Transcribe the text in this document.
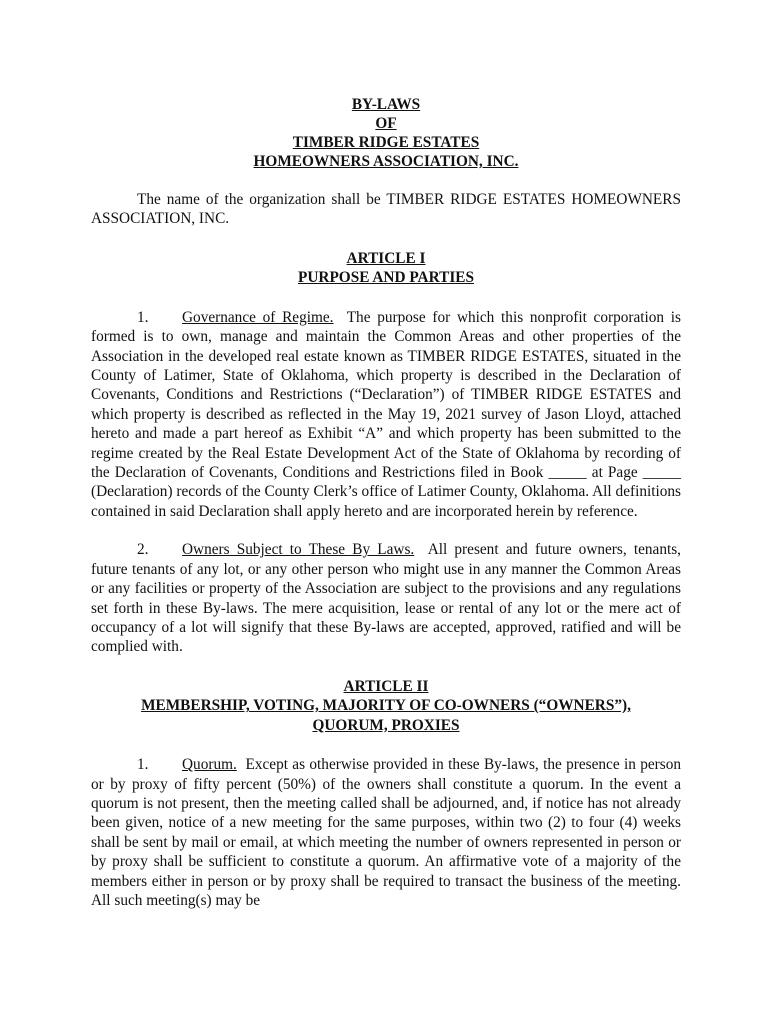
BY-LAWS

OF

TIMBER RIDGE ESTATES

HOMEOWNERS ASSOCIATION, INC.

The name of the organization shall be TIMBER RIDGE ESTATES HOMEOWNERS ASSOCIATION, INC.

ARTICLE I

PURPOSE AND PARTIES

1. Governance of Regime. The purpose for which this nonprofit corporation is formed is to own, manage and maintain the Common Areas and other properties of the Association in the developed real estate known as TIMBER RIDGE ESTATES, situated in the County of Latimer, State of Oklahoma, which property is described in the Declaration of Covenants, Conditions and Restrictions (“Declaration”) of TIMBER RIDGE ESTATES and which property is described as reflected in the May 19, 2021 survey of Jason Lloyd, attached hereto and made a part hereof as Exhibit “A” and which property has been submitted to the regime created by the Real Estate Development Act of the State of Oklahoma by recording of the Declaration of Covenants, Conditions and Restrictions filed in Book _____ at Page _____ (Declaration) records of the County Clerk’s office of Latimer County, Oklahoma. All definitions contained in said Declaration shall apply hereto and are incorporated herein by reference.

2. Owners Subject to These By Laws. All present and future owners, tenants, future tenants of any lot, or any other person who might use in any manner the Common Areas or any facilities or property of the Association are subject to the provisions and any regulations set forth in these By-laws. The mere acquisition, lease or rental of any lot or the mere act of occupancy of a lot will signify that these By-laws are accepted, approved, ratified and will be complied with.

ARTICLE II

MEMBERSHIP, VOTING, MAJORITY OF CO-OWNERS (“OWNERS”),

QUORUM, PROXIES

1. Quorum. Except as otherwise provided in these By-laws, the presence in person or by proxy of fifty percent (50%) of the owners shall constitute a quorum. In the event a quorum is not present, then the meeting called shall be adjourned, and, if notice has not already been given, notice of a new meeting for the same purposes, within two (2) to four (4) weeks shall be sent by mail or email, at which meeting the number of owners represented in person or by proxy shall be sufficient to constitute a quorum. An affirmative vote of a majority of the members either in person or by proxy shall be required to transact the business of the meeting. All such meeting(s) may be
